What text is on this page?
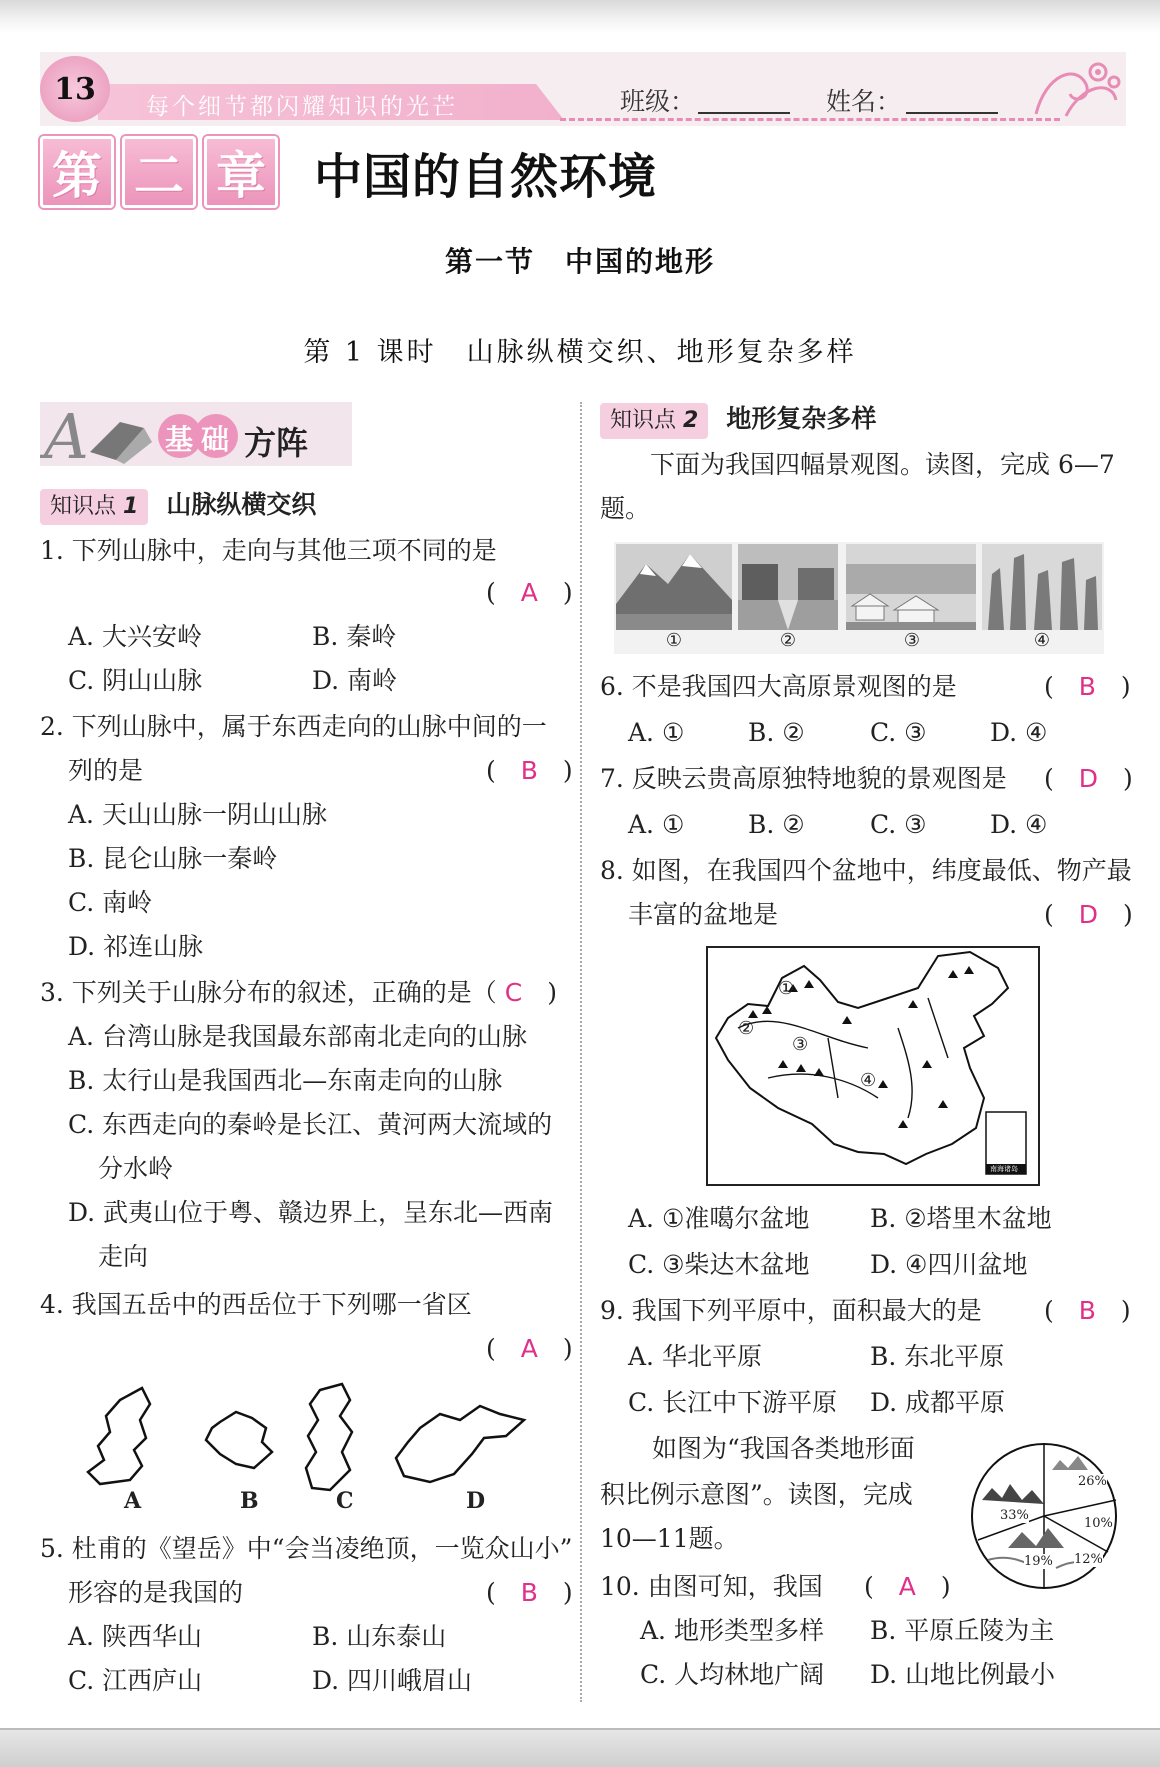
13
每个细节都闪耀知识的光芒	班级：	姓名：
第 二 章 中国的自然环境
第一节　中国的地形
第 1 课时　山脉纵横交织、地形复杂多样
A	基 础 方阵
知识点 1 山脉纵横交织
1. 下列山脉中，走向与其他三项不同的是
(　A　)
A. 大兴安岭	B. 秦岭
C. 阴山山脉	D. 南岭
2. 下列山脉中，属于东西走向的山脉中间的一
列的是	(　B　)
A. 天山山脉一阴山山脉
B. 昆仑山脉一秦岭
C. 南岭
D. 祁连山脉
3. 下列关于山脉分布的叙述，正确的是（ C　)
A. 台湾山脉是我国最东部南北走向的山脉
B. 太行山是我国西北—东南走向的山脉
C. 东西走向的秦岭是长江、黄河两大流域的
分水岭
D. 武夷山位于粤、赣边界上，呈东北—西南
走向
4. 我国五岳中的西岳位于下列哪一省区
(　A　)
5. 杜甫的《望岳》中“会当凌绝顶，一览众山小”
形容的是我国的	(　B　)
A. 陕西华山	B. 山东泰山
C. 江西庐山	D. 四川峨眉山
A	B	C	D
知识点 2 地形复杂多样
下面为我国四幅景观图。读图，完成 6—7
题。
6. 不是我国四大高原景观图的是	(　B　)
A. ①	B. ②	C. ③	D. ④
7. 反映云贵高原独特地貌的景观图是 (　D　)
A. ①	B. ②	C. ③	D. ④
8. 如图，在我国四个盆地中，纬度最低、物产最
丰富的盆地是	(　D　)
A. ①准噶尔盆地 B. ②塔里木盆地
C. ③柴达木盆地 D. ④四川盆地
9. 我国下列平原中，面积最大的是 (　B　)
A. 华北平原	B. 东北平原
C. 长江中下游平原 D. 成都平原
如图为“我国各类地形面
积比例示意图”。读图，完成
10—11题。
10. 由图可知，我国 (　A　)
A. 地形类型多样 B. 平原丘陵为主
C. 人均林地广阔 D. 山地比例最小
①	②	③	④
①
②
③
④
南海诸岛
26%
33%
10%
19% 12%
